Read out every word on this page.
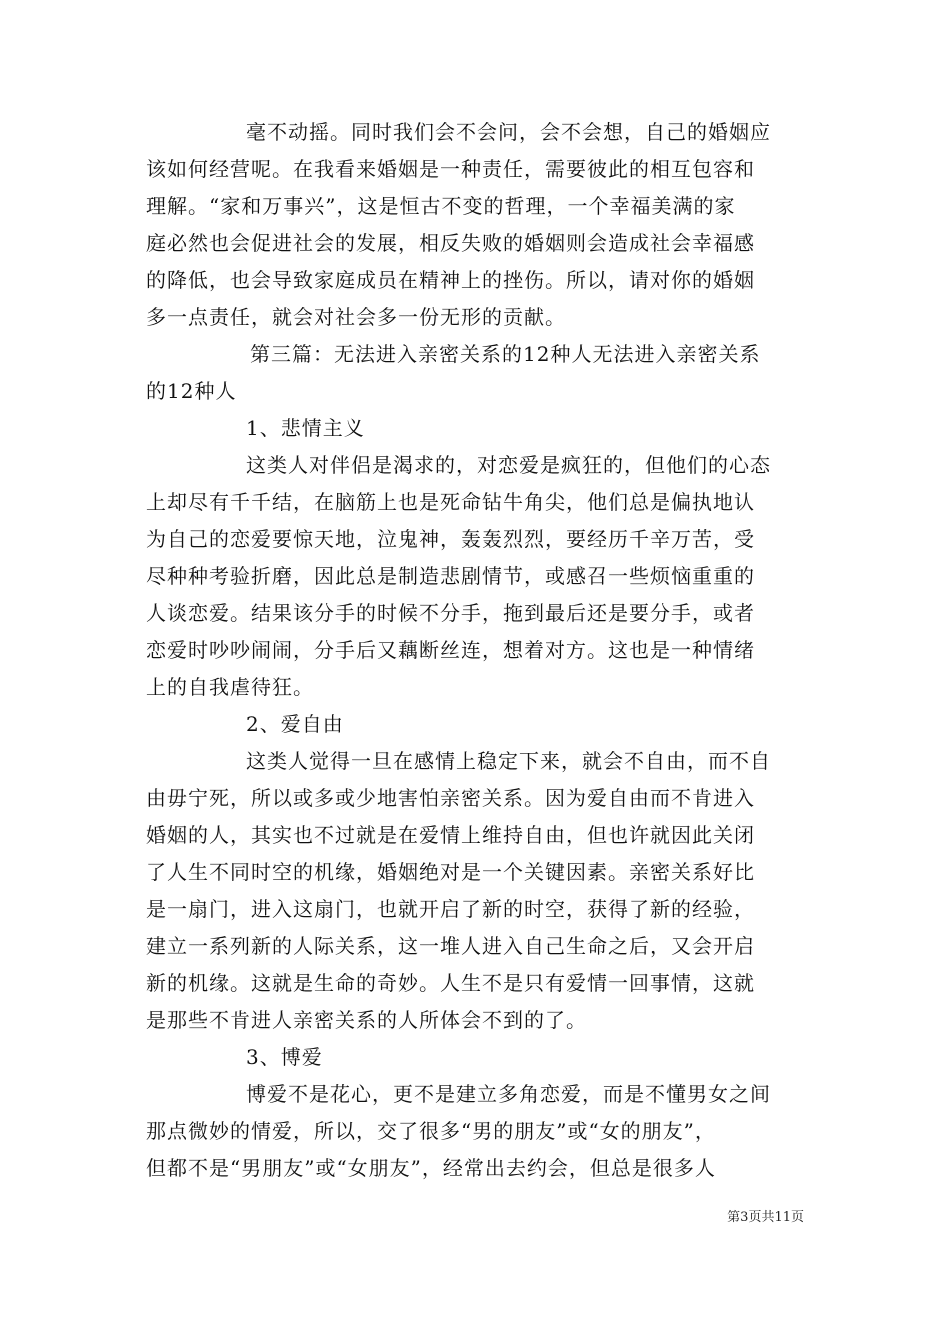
毫不动摇。同时我们会不会问，会不会想，自己的婚姻应
该如何经营呢。在我看来婚姻是一种责任，需要彼此的相互包容和
理解。“家和万事兴”，这是恒古不变的哲理，一个幸福美满的家
庭必然也会促进社会的发展，相反失败的婚姻则会造成社会幸福感
的降低，也会导致家庭成员在精神上的挫伤。所以，请对你的婚姻
多一点责任，就会对社会多一份无形的贡献。
第三篇：无法进入亲密关系的12种人无法进入亲密关系
的12种人
1、悲情主义
这类人对伴侣是渴求的，对恋爱是疯狂的，但他们的心态
上却尽有千千结，在脑筋上也是死命钻牛角尖，他们总是偏执地认
为自己的恋爱要惊天地，泣鬼神，轰轰烈烈，要经历千辛万苦，受
尽种种考验折磨，因此总是制造悲剧情节，或感召一些烦恼重重的
人谈恋爱。结果该分手的时候不分手，拖到最后还是要分手，或者
恋爱时吵吵闹闹，分手后又藕断丝连，想着对方。这也是一种情绪
上的自我虐待狂。
2、爱自由
这类人觉得一旦在感情上稳定下来，就会不自由，而不自
由毋宁死，所以或多或少地害怕亲密关系。因为爱自由而不肯进入
婚姻的人，其实也不过就是在爱情上维持自由，但也许就因此关闭
了人生不同时空的机缘，婚姻绝对是一个关键因素。亲密关系好比
是一扇门，进入这扇门，也就开启了新的时空，获得了新的经验，
建立一系列新的人际关系，这一堆人进入自己生命之后，又会开启
新的机缘。这就是生命的奇妙。人生不是只有爱情一回事情，这就
是那些不肯进人亲密关系的人所体会不到的了。
3、博爱
博爱不是花心，更不是建立多角恋爱，而是不懂男女之间
那点微妙的情爱，所以，交了很多“男的朋友”或“女的朋友”，
但都不是“男朋友”或“女朋友”，经常出去约会，但总是很多人
第3页共11页
